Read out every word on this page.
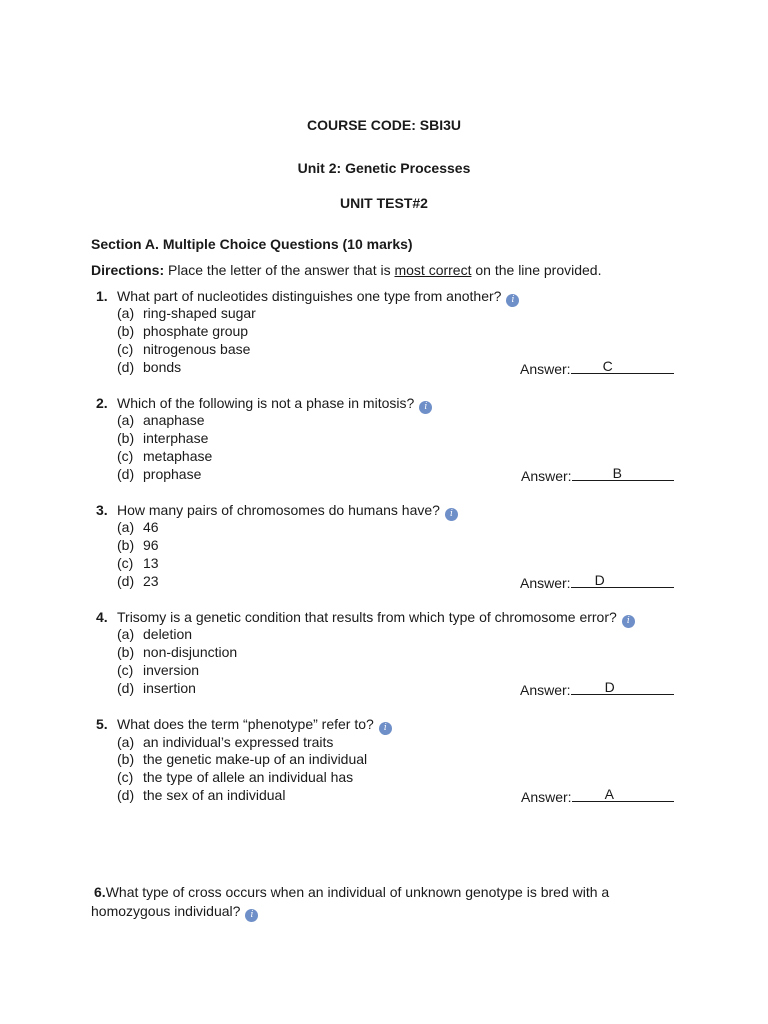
COURSE CODE: SBI3U
Unit 2: Genetic Processes
UNIT TEST#2
Section A. Multiple Choice Questions (10 marks)
Directions: Place the letter of the answer that is most correct on the line provided.
1. What part of nucleotides distinguishes one type from another? i
(a) ring-shaped sugar
(b) phosphate group
(c) nitrogenous base
(d) bonds	Answer: C
2. Which of the following is not a phase in mitosis? i
(a) anaphase
(b) interphase
(c) metaphase
(d) prophase	Answer:	B
3. How many pairs of chromosomes do humans have? i
(a) 46
(b) 96
(c) 13
(d) 23	Answer: D
4. Trisomy is a genetic condition that results from which type of chromosome error? i
(a) deletion
(b) non-disjunction
(c) inversion
(d) insertion	Answer: D
5. What does the term “phenotype” refer to? i
(a) an individual’s expressed traits
(b) the genetic make-up of an individual
(c) the type of allele an individual has
(d) the sex of an individual	Answer: A
6.What type of cross occurs when an individual of unknown genotype is bred with a
homozygous individual? i
